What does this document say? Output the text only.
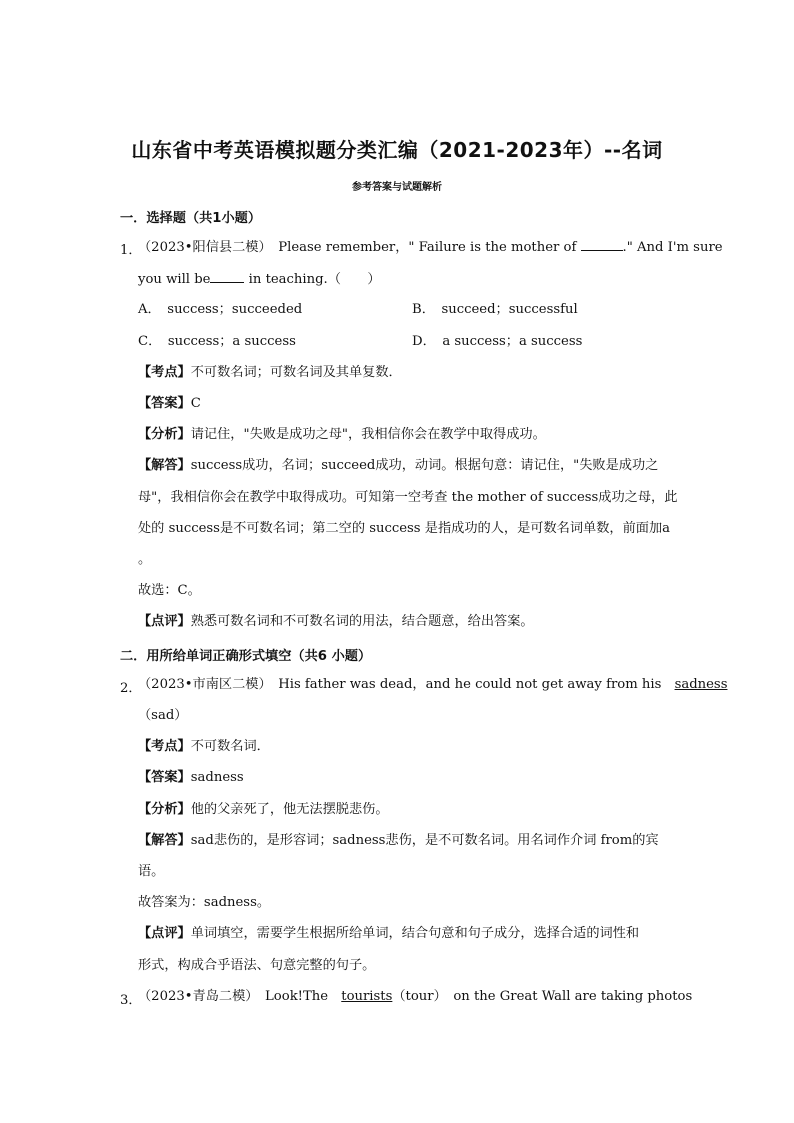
山东省中考英语模拟题分类汇编（2021-2023年）--名词
参考答案与试题解析
一．选择题（共1小题）
1．
（2023•阳信县二模）　Please remember，" Failure is the mother of	." And I'm sure
you will be	in teaching.（　　）
A．　success；succeeded	B．　succeed；successful
C．　success；a success	D．　a success；a success
【考点】不可数名词；可数名词及其单复数．
【答案】C
【分析】请记住，"失败是成功之母"，我相信你会在教学中取得成功。
【解答】success成功，名词；succeed成功，动词。根据句意：请记住，"失败是成功之
母"，我相信你会在教学中取得成功。可知第一空考查 the mother of success成功之母，此
处的 success是不可数名词；第二空的 success 是指成功的人，是可数名词单数，前面加a
。
故选：C。
【点评】熟悉可数名词和不可数名词的用法，结合题意，给出答案。
二．用所给单词正确形式填空（共6 小题）
2．
（2023•市南区二模）　His father was dead，and he could not get away from his　sadness
（sad）
【考点】不可数名词．
【答案】sadness
【分析】他的父亲死了，他无法摆脱悲伤。
【解答】sad悲伤的，是形容词；sadness悲伤，是不可数名词。用名词作介词 from的宾
语。
故答案为：sadness。
【点评】单词填空，需要学生根据所给单词，结合句意和句子成分，选择合适的词性和
形式，构成合乎语法、句意完整的句子。
3．
（2023•青岛二模）　Look!The　tourists（tour）　on the Great Wall are taking photos
